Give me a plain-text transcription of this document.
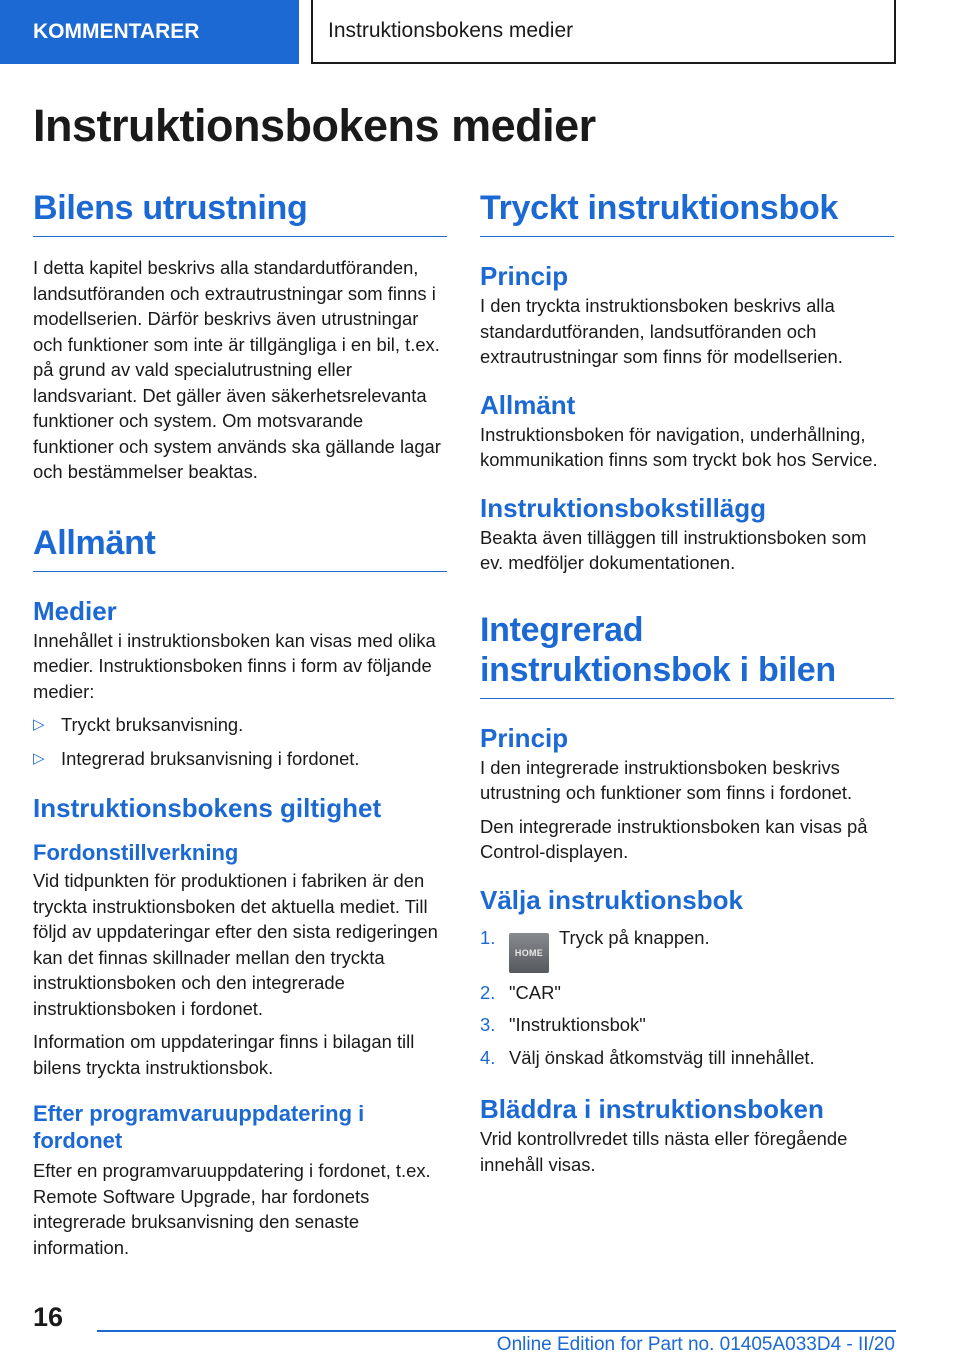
KOMMENTARER	Instruktionsbokens medier
Instruktionsbokens medier
Bilens utrustning

I detta kapitel beskrivs alla standardutföranden, landsutföranden och extrautrustningar som finns i modellserien. Därför beskrivs även utrustningar och funktioner som inte är tillgängliga i en bil, t.ex. på grund av vald specialutrustning eller landsvariant. Det gäller även säkerhetsrelevanta funktioner och system. Om motsvarande funktioner och system används ska gällande lagar och bestämmelser beaktas.

Allmänt
Medier

Innehållet i instruktionsboken kan visas med olika medier. Instruktionsboken finns i form av följande medier:

▷ Tryckt bruksanvisning.
▷ Integrerad bruksanvisning i fordonet.
Instruktionsbokens giltighet
Fordonstillverkning

Vid tidpunkten för produktionen i fabriken är den tryckta instruktionsboken det aktuella mediet. Till följd av uppdateringar efter den sista redigeringen kan det finnas skillnader mellan den tryckta instruktionsboken och den integrerade instruktionsboken i fordonet.

Information om uppdateringar finns i bilagan till bilens tryckta instruktionsbok.

Efter programvaruuppdatering i fordonet

Efter en programvaruuppdatering i fordonet, t.ex. Remote Software Upgrade, har fordonets integrerade bruksanvisning den senaste information.

Tryckt instruktionsbok
Princip

I den tryckta instruktionsboken beskrivs alla standardutföranden, landsutföranden och extrautrustningar som finns för modellserien.

Allmänt

Instruktionsboken för navigation, underhållning, kommunikation finns som tryckt bok hos Service.

Instruktionsbokstillägg

Beakta även tilläggen till instruktionsboken som ev. medföljer dokumentationen.

Integrerad instruktionsbok i bilen
Princip

I den integrerade instruktionsboken beskrivs utrustning och funktioner som finns i fordonet.

Den integrerade instruktionsboken kan visas på Control-displayen.

Välja instruktionsbok
1.
HOMETryck på knappen.
2. "CAR"
3. "Instruktionsbok"
4. Välj önskad åtkomstväg till innehållet.
Bläddra i instruktionsboken

Vrid kontrollvredet tills nästa eller föregående innehåll visas.

16
Online Edition for Part no. 01405A033D4 - II/20
